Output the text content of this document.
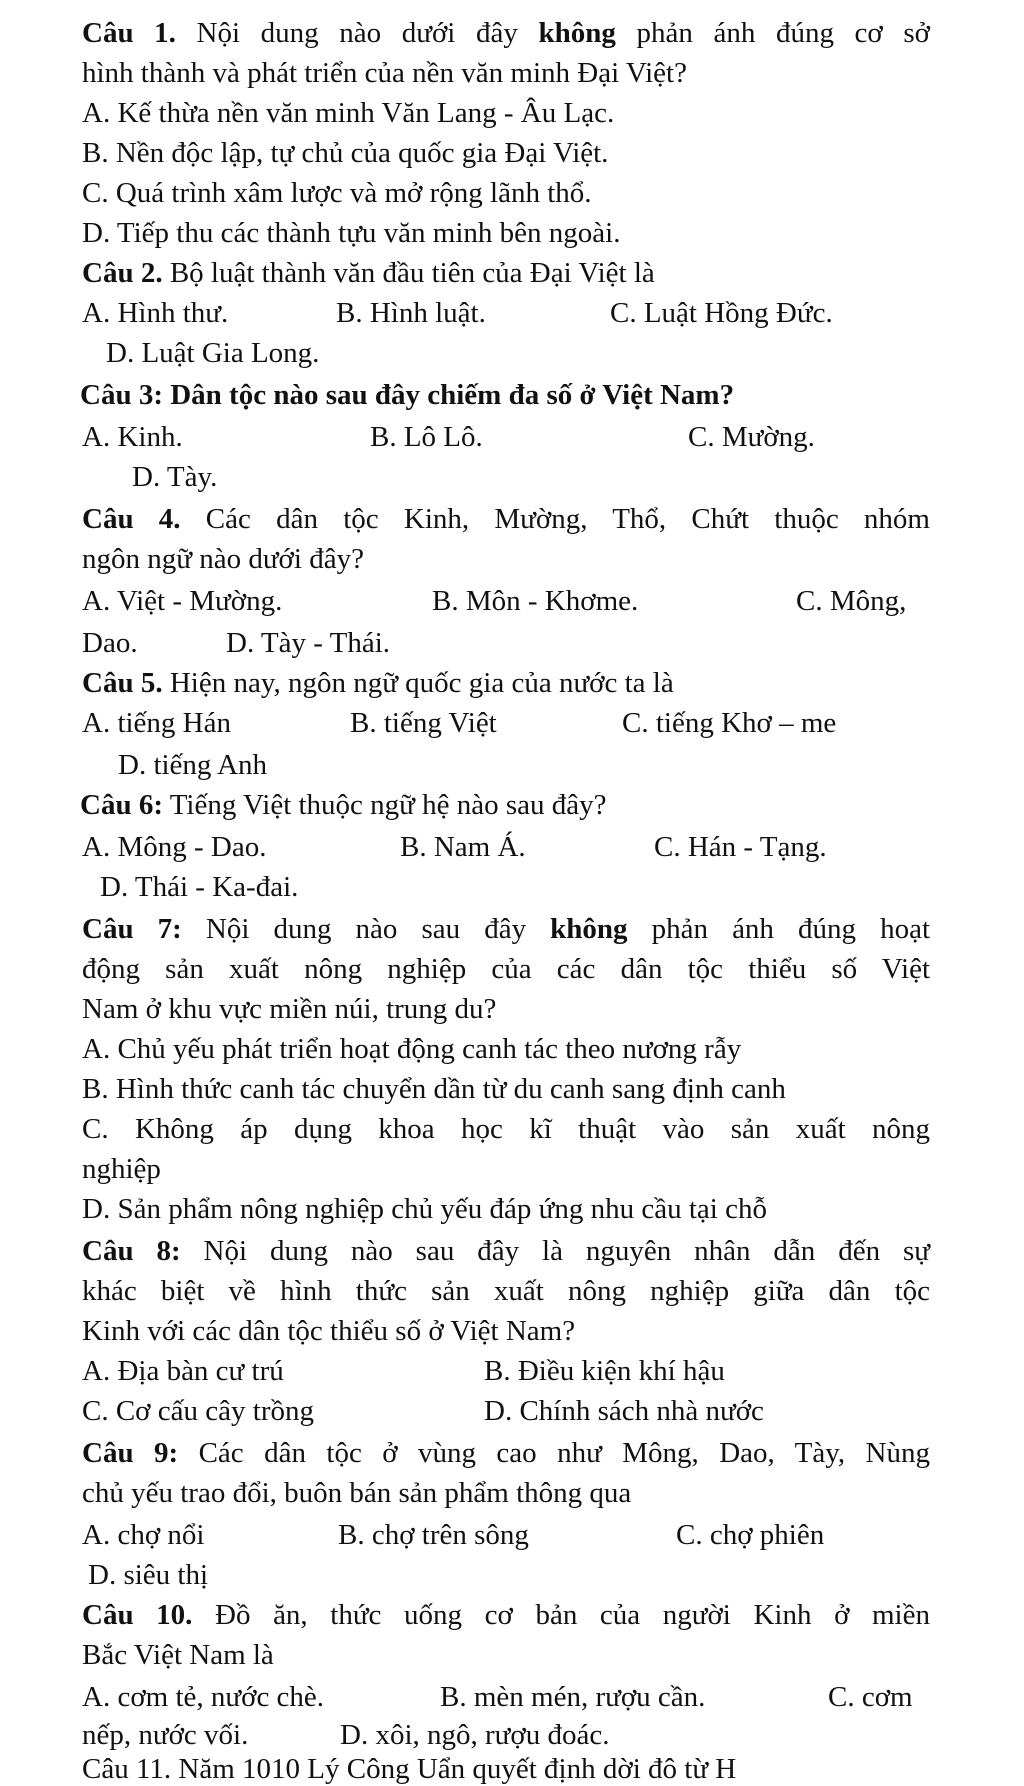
Câu 1. Nội dung nào dưới đây không phản ánh đúng cơ sở
hình thành và phát triển của nền văn minh Đại Việt?
A. Kế thừa nền văn minh Văn Lang - Âu Lạc.
B. Nền độc lập, tự chủ của quốc gia Đại Việt.
C. Quá trình xâm lược và mở rộng lãnh thổ.
D. Tiếp thu các thành tựu văn minh bên ngoài.
Câu 2. Bộ luật thành văn đầu tiên của Đại Việt là
A. Hình thư.	B. Hình luật.	C. Luật Hồng Đức.
D. Luật Gia Long.
Câu 3: Dân tộc nào sau đây chiếm đa số ở Việt Nam?
A. Kinh.	B. Lô Lô.	C. Mường.
D. Tày.
Câu 4. Các dân tộc Kinh, Mường, Thổ, Chứt thuộc nhóm
ngôn ngữ nào dưới đây?
A. Việt - Mường.	B. Môn - Khơme.	C. Mông,
Dao.	D. Tày - Thái.
Câu 5. Hiện nay, ngôn ngữ quốc gia của nước ta là
A. tiếng Hán	B. tiếng Việt	C. tiếng Khơ – me
D. tiếng Anh
Câu 6: Tiếng Việt thuộc ngữ hệ nào sau đây?
A. Mông - Dao.	B. Nam Á.	C. Hán - Tạng.
D. Thái - Ka-đai.
Câu 7: Nội dung nào sau đây không phản ánh đúng hoạt
động sản xuất nông nghiệp của các dân tộc thiểu số Việt
Nam ở khu vực miền núi, trung du?
A. Chủ yếu phát triển hoạt động canh tác theo nương rẫy
B. Hình thức canh tác chuyển dần từ du canh sang định canh
C. Không áp dụng khoa học kĩ thuật vào sản xuất nông
nghiệp
D. Sản phẩm nông nghiệp chủ yếu đáp ứng nhu cầu tại chỗ
Câu 8: Nội dung nào sau đây là nguyên nhân dẫn đến sự
khác biệt về hình thức sản xuất nông nghiệp giữa dân tộc
Kinh với các dân tộc thiểu số ở Việt Nam?
A. Địa bàn cư trú	B. Điều kiện khí hậu
C. Cơ cấu cây trồng	D. Chính sách nhà nước
Câu 9: Các dân tộc ở vùng cao như Mông, Dao, Tày, Nùng
chủ yếu trao đổi, buôn bán sản phẩm thông qua
A. chợ nổi	B. chợ trên sông	C. chợ phiên
D. siêu thị
Câu 10. Đồ ăn, thức uống cơ bản của người Kinh ở miền
Bắc Việt Nam là
A. cơm tẻ, nước chè.	B. mèn mén, rượu cần.	C. cơm
nếp, nước vối.	D. xôi, ngô, rượu đoác.
Câu 11. Năm 1010 Lý Công Uẩn quyết định dời đô từ H
